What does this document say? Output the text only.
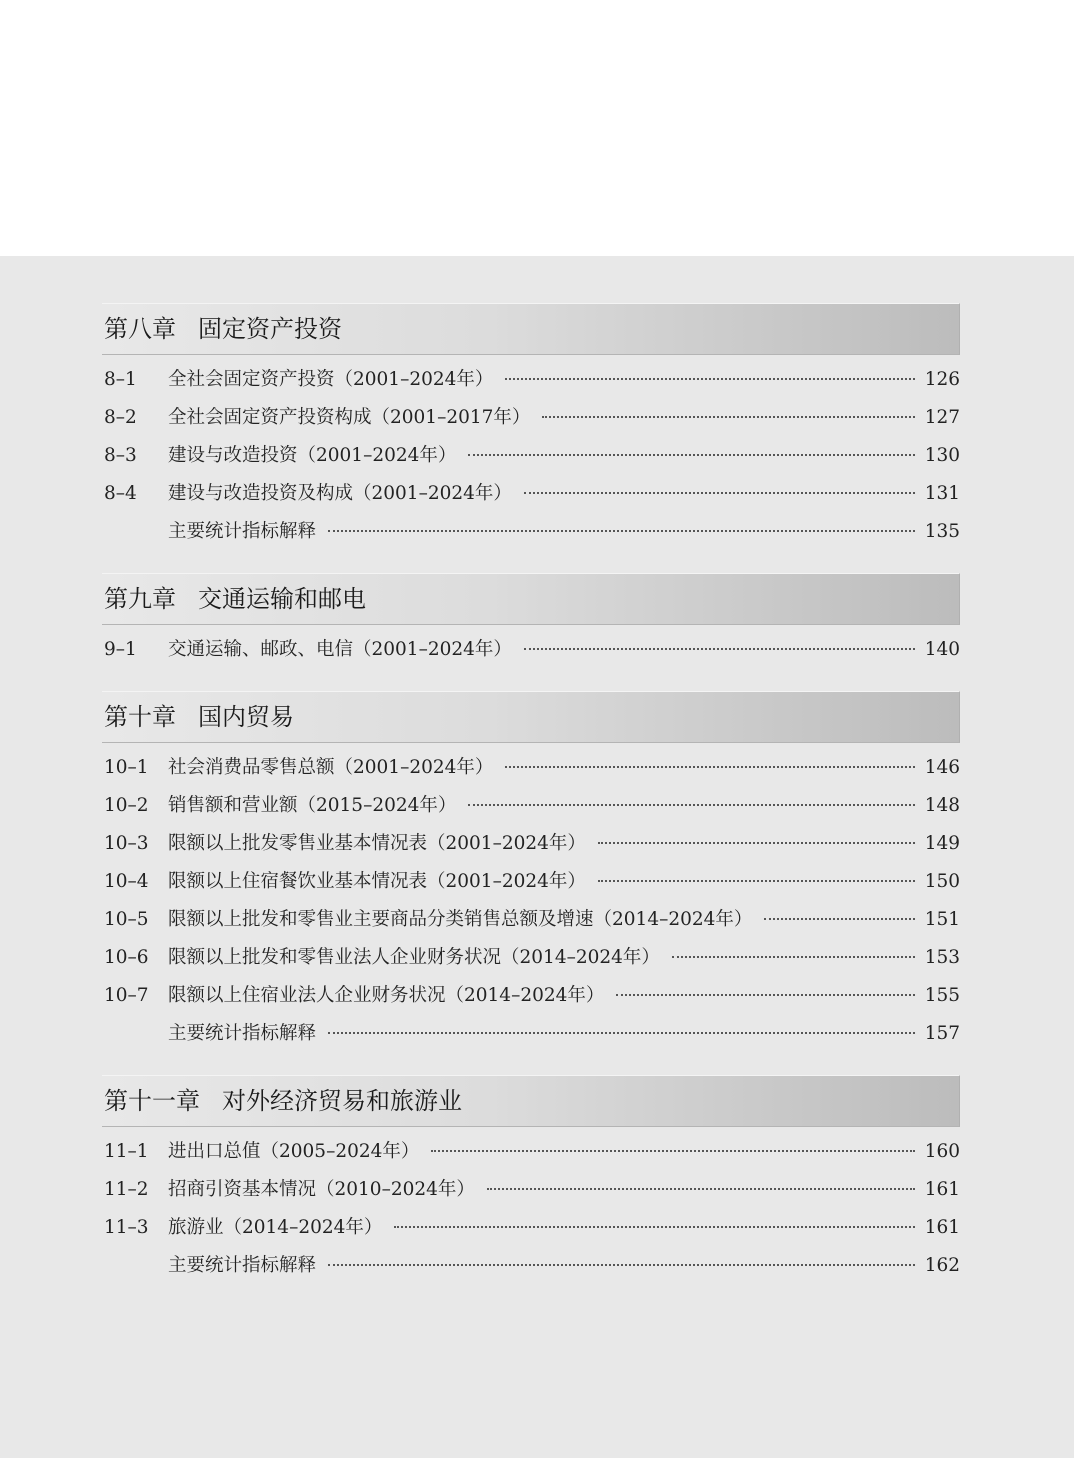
第八章 固定资产投资
8–1	全社会固定资产投资（2001–2024年）	126
8–2	全社会固定资产投资构成（2001–2017年）	127
8–3	建设与改造投资（2001–2024年）	130
8–4	建设与改造投资及构成（2001–2024年）	131
主要统计指标解释	135
第九章 交通运输和邮电
9–1	交通运输、邮政、电信（2001–2024年）	140
第十章 国内贸易
10–1	社会消费品零售总额（2001–2024年）	146
10–2	销售额和营业额（2015–2024年）	148
10–3	限额以上批发零售业基本情况表（2001–2024年）	149
10–4	限额以上住宿餐饮业基本情况表（2001–2024年）	150
10–5	限额以上批发和零售业主要商品分类销售总额及增速（2014–2024年）	151
10–6	限额以上批发和零售业法人企业财务状况（2014–2024年）	153
10–7	限额以上住宿业法人企业财务状况（2014–2024年）	155
主要统计指标解释	157
第十一章 对外经济贸易和旅游业
11–1	进出口总值（2005–2024年）	160
11–2	招商引资基本情况（2010–2024年）	161
11–3	旅游业（2014–2024年）	161
主要统计指标解释	162
